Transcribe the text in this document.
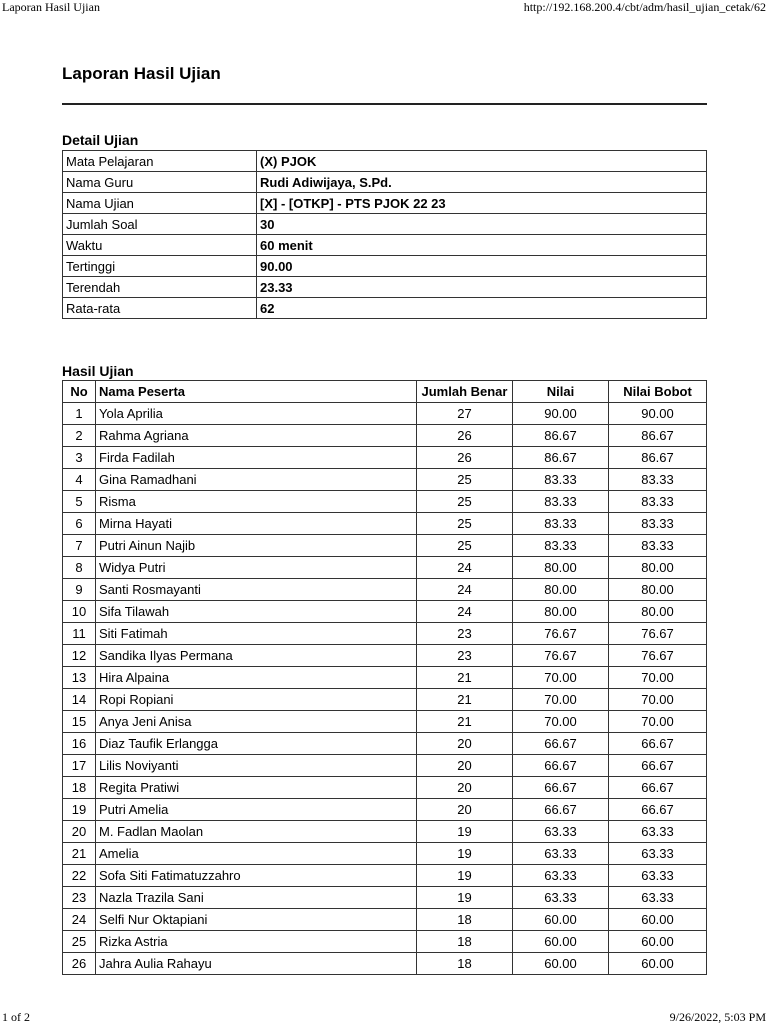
Laporan Hasil Ujian	http://192.168.200.4/cbt/adm/hasil_ujian_cetak/62
Laporan Hasil Ujian
Detail Ujian
Mata Pelajaran	(X) PJOK
Nama Guru	Rudi Adiwijaya, S.Pd.
Nama Ujian	[X] - [OTKP] - PTS PJOK 22 23
Jumlah Soal	30
Waktu	60 menit
Tertinggi	90.00
Terendah	23.33
Rata-rata	62
Hasil Ujian
No	Nama Peserta	Jumlah Benar	Nilai	Nilai Bobot
1	Yola Aprilia	27	90.00	90.00
2	Rahma Agriana	26	86.67	86.67
3	Firda Fadilah	26	86.67	86.67
4	Gina Ramadhani	25	83.33	83.33
5	Risma	25	83.33	83.33
6	Mirna Hayati	25	83.33	83.33
7	Putri Ainun Najib	25	83.33	83.33
8	Widya Putri	24	80.00	80.00
9	Santi Rosmayanti	24	80.00	80.00
10	Sifa Tilawah	24	80.00	80.00
11	Siti Fatimah	23	76.67	76.67
12	Sandika Ilyas Permana	23	76.67	76.67
13	Hira Alpaina	21	70.00	70.00
14	Ropi Ropiani	21	70.00	70.00
15	Anya Jeni Anisa	21	70.00	70.00
16	Diaz Taufik Erlangga	20	66.67	66.67
17	Lilis Noviyanti	20	66.67	66.67
18	Regita Pratiwi	20	66.67	66.67
19	Putri Amelia	20	66.67	66.67
20	M. Fadlan Maolan	19	63.33	63.33
21	Amelia	19	63.33	63.33
22	Sofa Siti Fatimatuzzahro	19	63.33	63.33
23	Nazla Trazila Sani	19	63.33	63.33
24	Selfi Nur Oktapiani	18	60.00	60.00
25	Rizka Astria	18	60.00	60.00
26	Jahra Aulia Rahayu	18	60.00	60.00
1 of 2	9/26/2022, 5:03 PM
